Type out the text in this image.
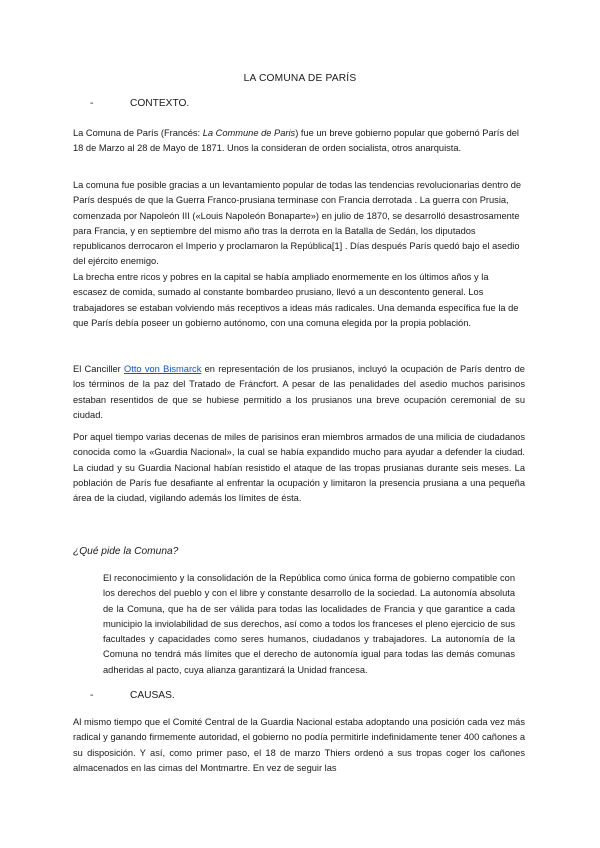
LA COMUNA DE PARÍS
-	CONTEXTO.

La Comuna de París (Francés: La Commune de Paris) fue un breve gobierno popular que gobernó París del 18 de Marzo al 28 de Mayo de 1871. Unos la consideran de orden socialista, otros anarquista.

La comuna fue posible gracias a un levantamiento popular de todas las tendencias revolucionarias dentro de París después de que la Guerra Franco-prusiana terminase con Francia derrotada . La guerra con Prusia, comenzada por Napoleón III («Louis Napoleón Bonaparte») en julio de 1870, se desarrolló desastrosamente para Francia, y en septiembre del mismo año tras la derrota en la Batalla de Sedán, los diputados republicanos derrocaron el Imperio y proclamaron la República[1] . Días después París quedó bajo el asedio del ejército enemigo.

La brecha entre ricos y pobres en la capital se había ampliado enormemente en los últimos años y la escasez de comida, sumado al constante bombardeo prusiano, llevó a un descontento general. Los trabajadores se estaban volviendo más receptivos a ideas más radicales. Una demanda específica fue la de que París debía poseer un gobierno autónomo, con una comuna elegida por la propia población.

El Canciller Otto von Bismarck en representación de los prusianos, incluyó la ocupación de París dentro de los términos de la paz del Tratado de Fráncfort. A pesar de las penalidades del asedio muchos parisinos estaban resentidos de que se hubiese permitido a los prusianos una breve ocupación ceremonial de su ciudad.

Por aquel tiempo varias decenas de miles de parisinos eran miembros armados de una milicia de ciudadanos conocida como la «Guardia Nacional», la cual se había expandido mucho para ayudar a defender la ciudad. La ciudad y su Guardia Nacional habían resistido el ataque de las tropas prusianas durante seis meses. La población de París fue desafiante al enfrentar la ocupación y limitaron la presencia prusiana a una pequeña área de la ciudad, vigilando además los límites de ésta.

¿Qué pide la Comuna?

El reconocimiento y la consolidación de la República como única forma de gobierno compatible con los derechos del pueblo y con el libre y constante desarrollo de la sociedad. La autonomía absoluta de la Comuna, que ha de ser válida para todas las localidades de Francia y que garantice a cada municipio la inviolabilidad de sus derechos, así como a todos los franceses el pleno ejercicio de sus facultades y capacidades como seres humanos, ciudadanos y trabajadores. La autonomía de la Comuna no tendrá más límites que el derecho de autonomía igual para todas las demás comunas adheridas al pacto, cuya alianza garantizará la Unidad francesa.

-	CAUSAS.

Al mismo tiempo que el Comité Central de la Guardia Nacional estaba adoptando una posición cada vez más radical y ganando firmemente autoridad, el gobierno no podía permitirle indefinidamente tener 400 cañones a su disposición. Y así, como primer paso, el 18 de marzo Thiers ordenó a sus tropas coger los cañones almacenados en las cimas del Montmartre. En vez de seguir las
